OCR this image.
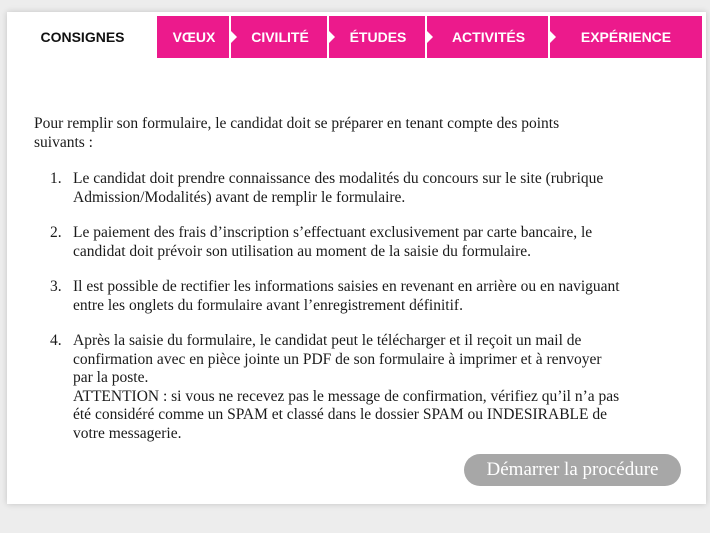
CONSIGNES	VŒUX	CIVILITÉ	ÉTUDES	ACTIVITÉS	EXPÉRIENCE

Pour remplir son formulaire, le candidat doit se préparer en tenant compte des points
suivants :

1. Le candidat doit prendre connaissance des modalités du concours sur le site (rubrique
Admission/Modalités) avant de remplir le formulaire.
2. Le paiement des frais d’inscription s’effectuant exclusivement par carte bancaire, le
candidat doit prévoir son utilisation au moment de la saisie du formulaire.
3. Il est possible de rectifier les informations saisies en revenant en arrière ou en naviguant
entre les onglets du formulaire avant l’enregistrement définitif.
4. Après la saisie du formulaire, le candidat peut le télécharger et il reçoit un mail de
confirmation avec en pièce jointe un PDF de son formulaire à imprimer et à renvoyer
par la poste.
ATTENTION : si vous ne recevez pas le message de confirmation, vérifiez qu’il n’a pas
été considéré comme un SPAM et classé dans le dossier SPAM ou INDESIRABLE de
votre messagerie.
Démarrer la procédure
